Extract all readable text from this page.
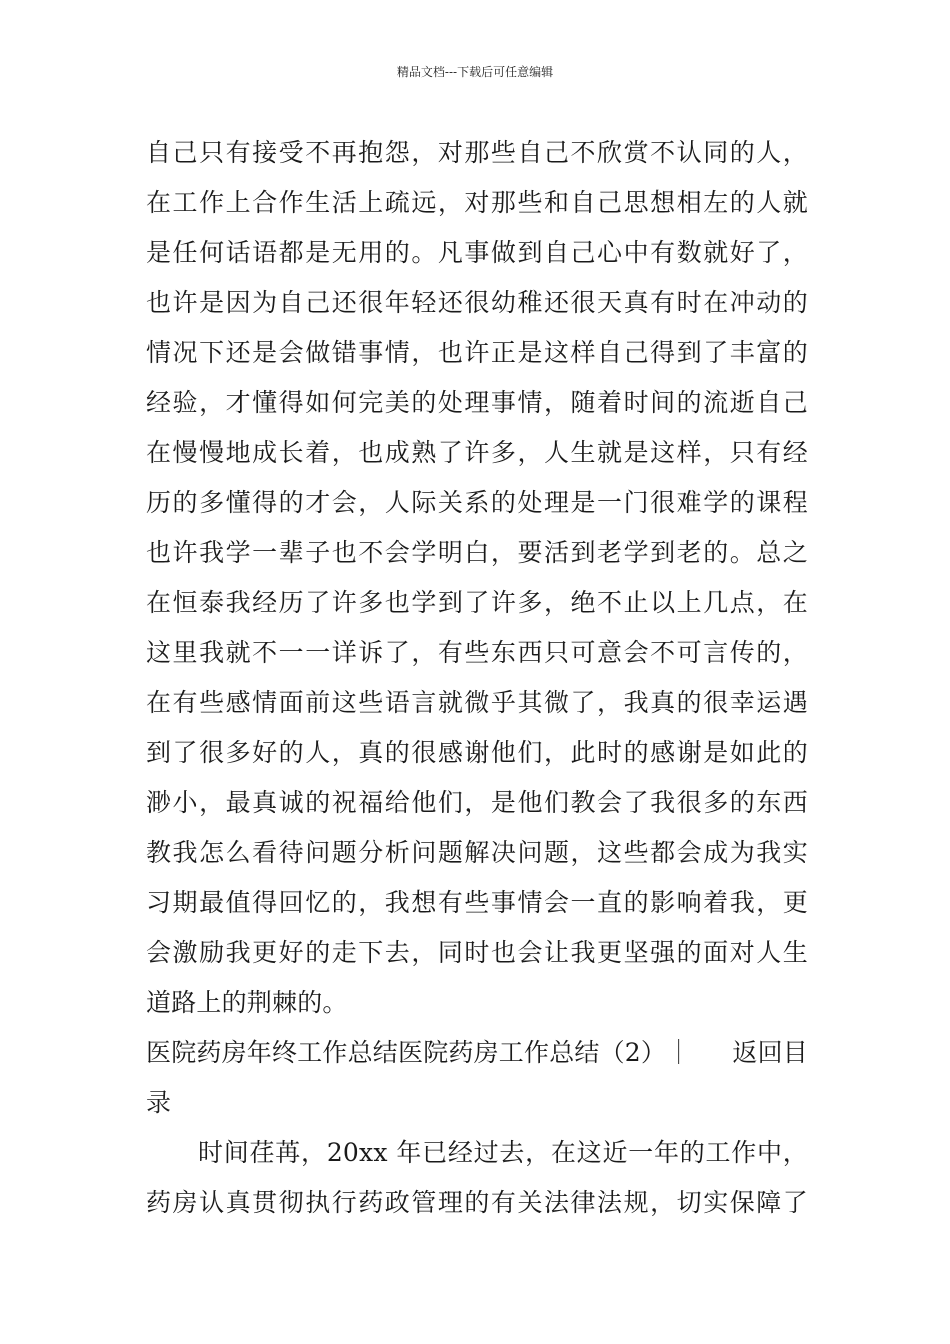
精品文档---下载后可任意编辑
自己只有接受不再抱怨，对那些自己不欣赏不认同的人，
在工作上合作生活上疏远，对那些和自己思想相左的人就
是任何话语都是无用的。凡事做到自己心中有数就好了，
也许是因为自己还很年轻还很幼稚还很天真有时在冲动的
情况下还是会做错事情，也许正是这样自己得到了丰富的
经验，才懂得如何完美的处理事情，随着时间的流逝自己
在慢慢地成长着，也成熟了许多，人生就是这样，只有经
历的多懂得的才会，人际关系的处理是一门很难学的课程
也许我学一辈子也不会学明白，要活到老学到老的。总之
在恒泰我经历了许多也学到了许多，绝不止以上几点，在
这里我就不一一详诉了，有些东西只可意会不可言传的，
在有些感情面前这些语言就微乎其微了，我真的很幸运遇
到了很多好的人，真的很感谢他们，此时的感谢是如此的
渺小，最真诚的祝福给他们，是他们教会了我很多的东西
教我怎么看待问题分析问题解决问题，这些都会成为我实
习期最值得回忆的，我想有些事情会一直的影响着我，更
会激励我更好的走下去，同时也会让我更坚强的面对人生
道路上的荆棘的。
医院药房年终工作总结医院药房工作总结（2） ｜	返回目
录
时间荏苒，20xx 年已经过去，在这近一年的工作中，
药房认真贯彻执行药政管理的有关法律法规，切实保障了
